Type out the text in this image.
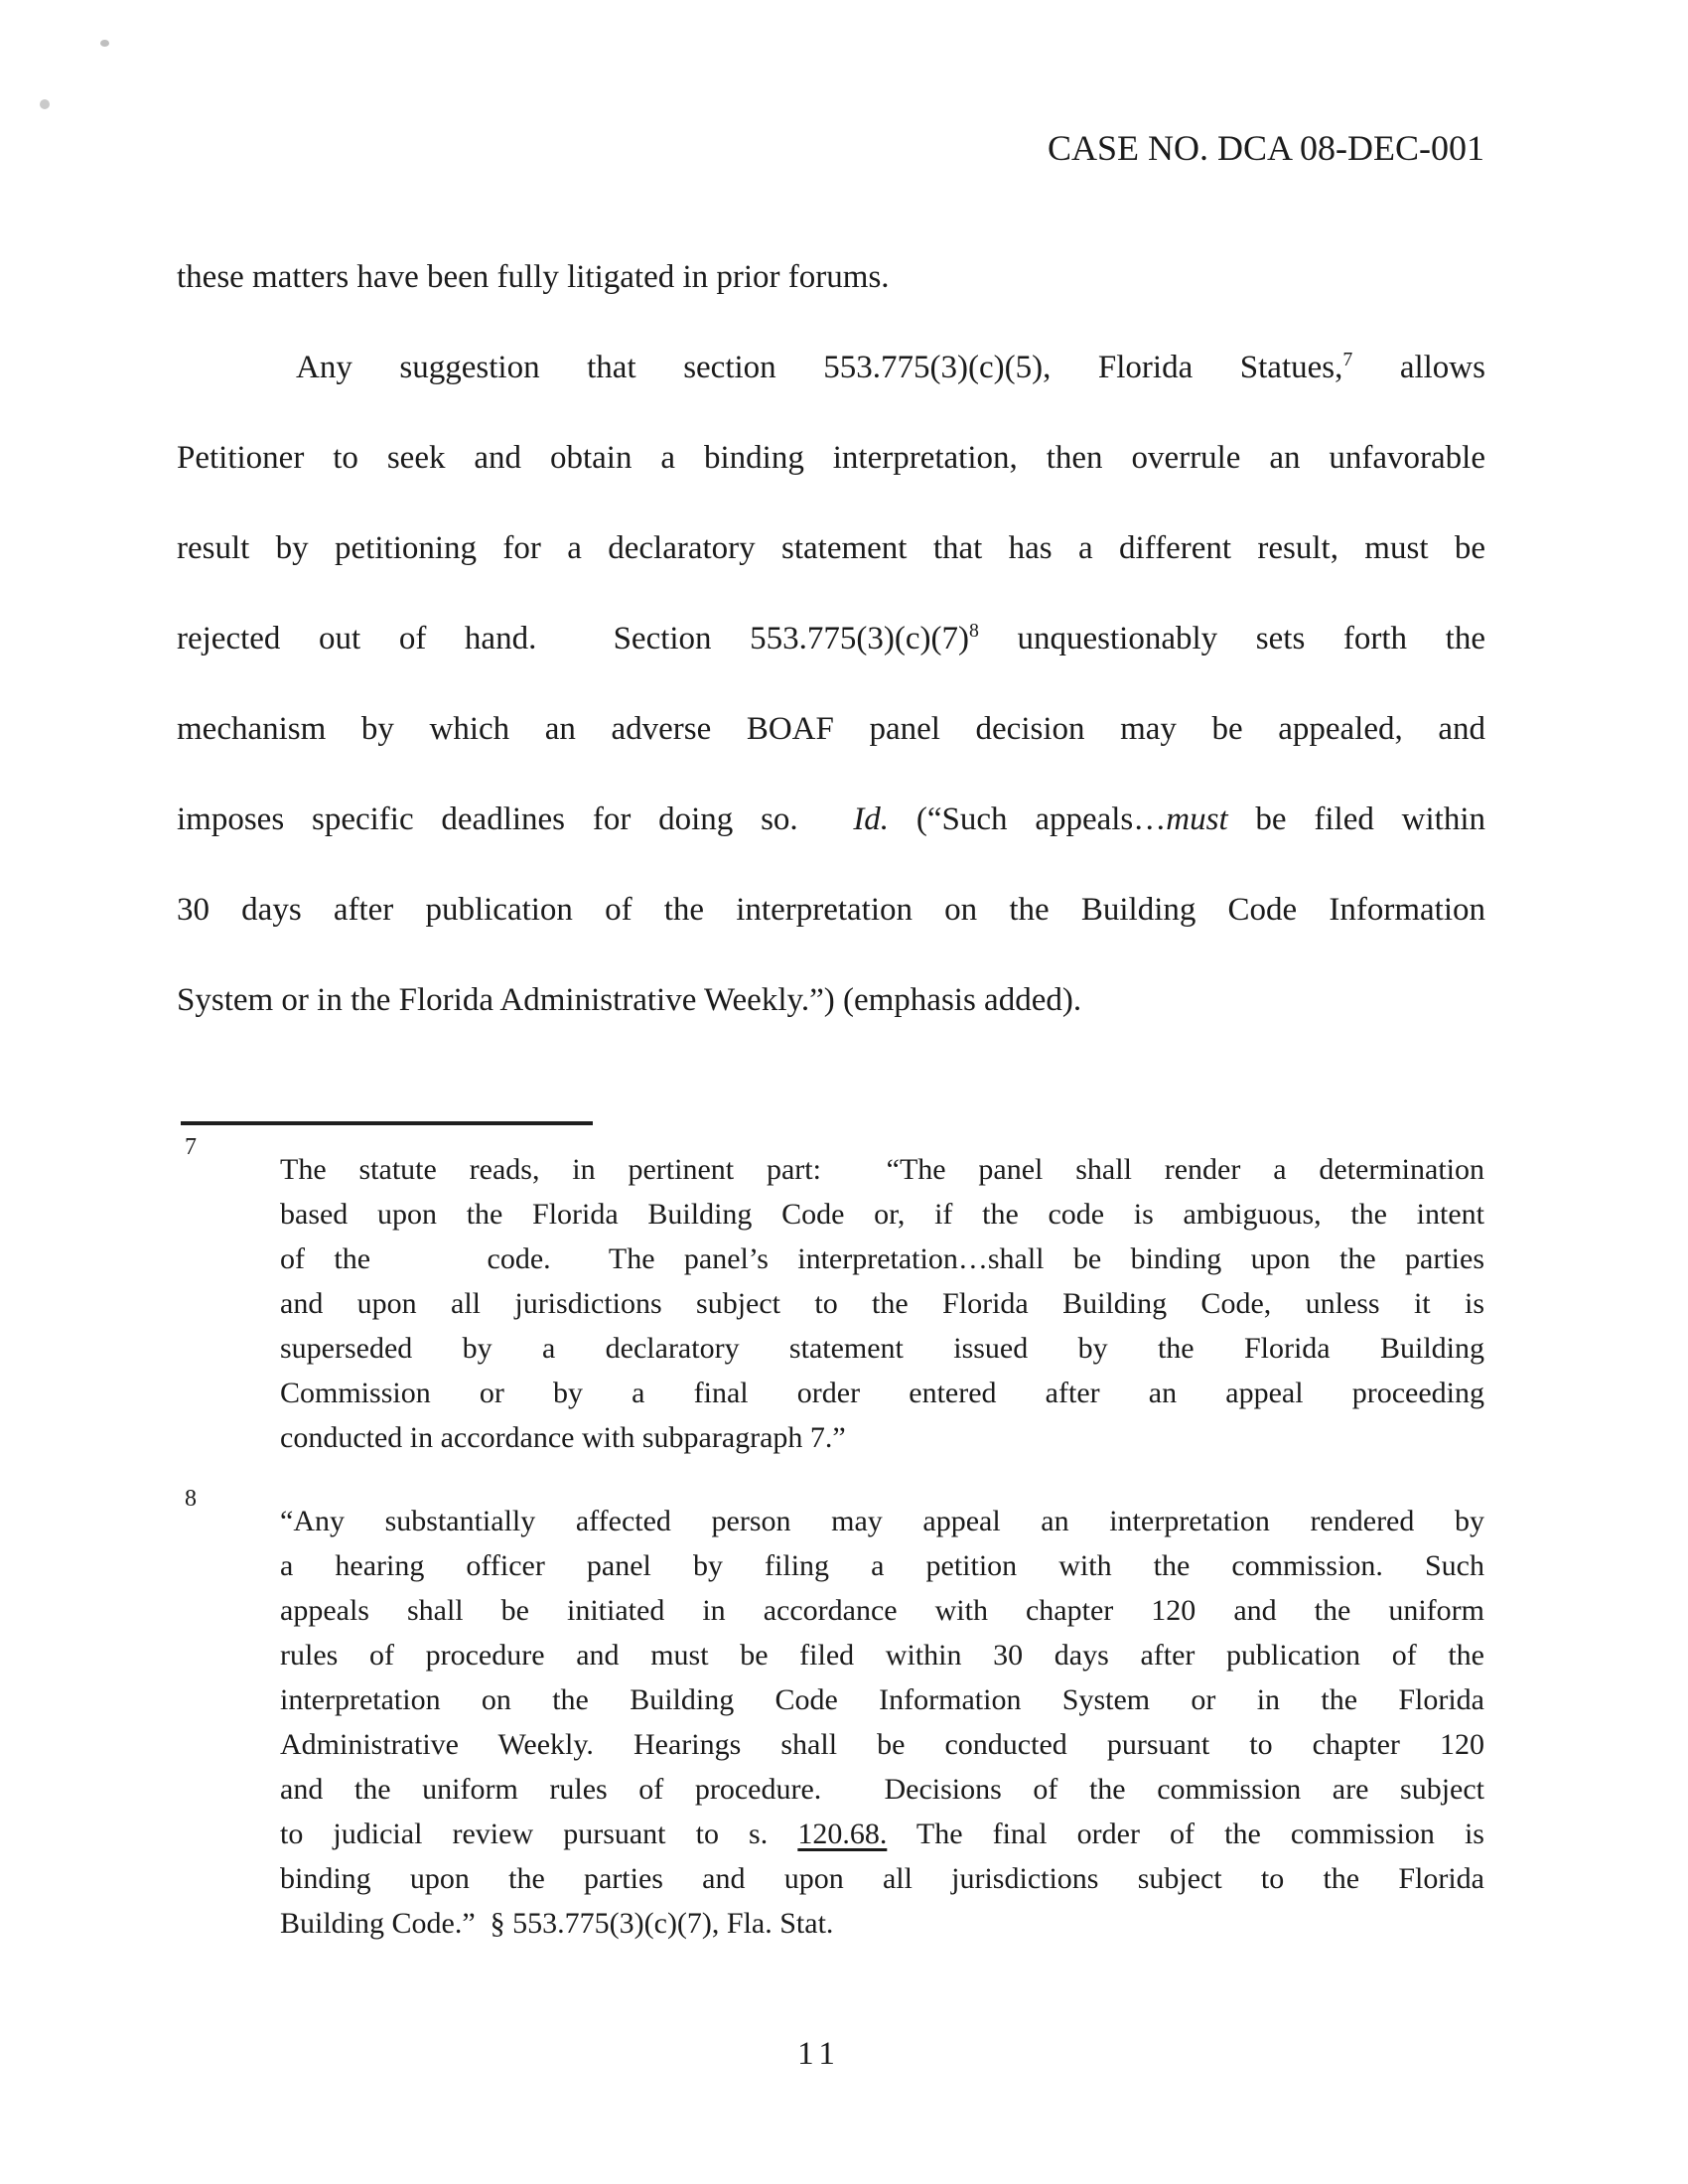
CASE NO. DCA 08-DEC-001
these matters have been fully litigated in prior forums.
Any suggestion that section 553.775(3)(c)(5), Florida Statues,$^7$ allows
Petitioner to seek and obtain a binding interpretation, then overrule an unfavorable
result by petitioning for a declaratory statement that has a different result, must be
rejected out of hand.  Section $553.775(3)(c)(7)^8$ unquestionably sets forth the
mechanism by which an adverse BOAF panel decision may be appealed, and
imposes specific deadlines for doing so.  Id. (“Such appeals…must be filed within
30 days after publication of the interpretation on the Building Code Information
System or in the Florida Administrative Weekly.”) (emphasis added).
7
The statute reads, in pertinent part:  “The panel shall render a determination
based upon the Florida Building Code or, if the code is ambiguous, the intent
of the    code.  The panel’s interpretation…shall be binding upon the parties
and upon all jurisdictions subject to the Florida Building Code, unless it is
superseded by a declaratory statement issued by the Florida Building
Commission or by a final order entered after an appeal proceeding
conducted in accordance with subparagraph 7.”
8
“Any substantially affected person may appeal an interpretation rendered by
a hearing officer panel by filing a petition with the commission. Such
appeals shall be initiated in accordance with chapter 120 and the uniform
rules of procedure and must be filed within 30 days after publication of the
interpretation on the Building Code Information System or in the Florida
Administrative Weekly. Hearings shall be conducted pursuant to chapter 120
and the uniform rules of procedure.  Decisions of the commission are subject
to judicial review pursuant to s. 120.68. The final order of the commission is
binding upon the parties and upon all jurisdictions subject to the Florida
Building Code.”  § 553.775(3)(c)(7), Fla. Stat.
11
